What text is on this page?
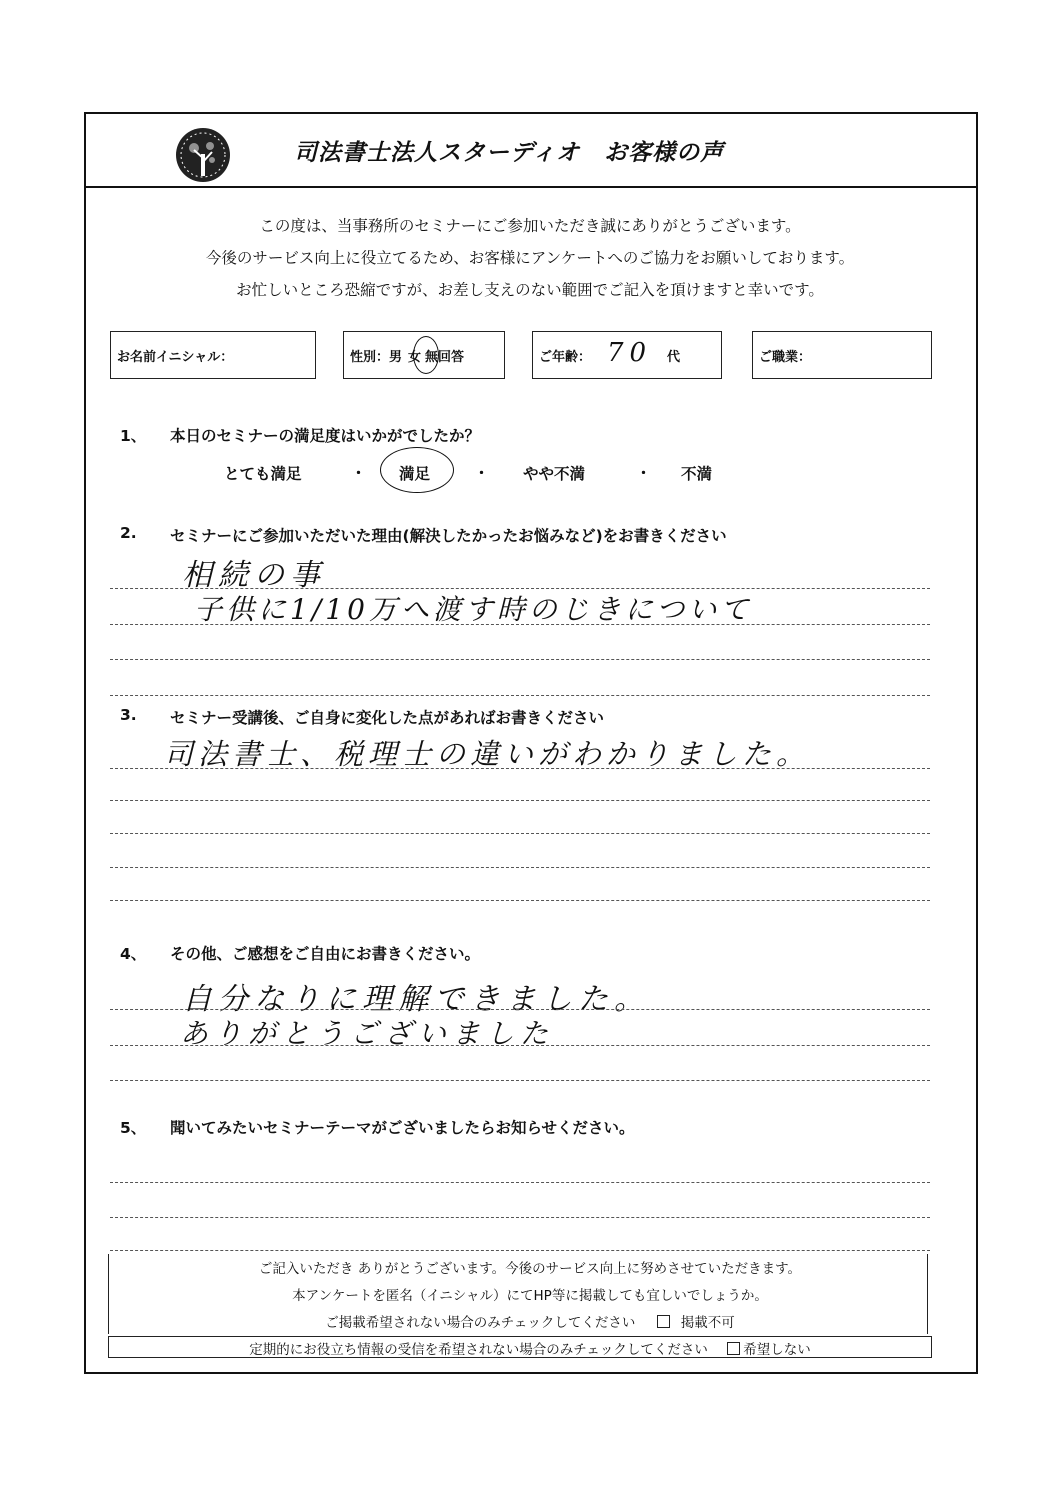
司法書士法人スターディオ　お客様の声

この度は、当事務所のセミナーにご参加いただき誠にありがとうございます。

今後のサービス向上に役立てるため、お客様にアンケートへのご協力をお願いしております。

お忙しいところ恐縮ですが、お差し支えのない範囲でご記入を頂けますと幸いです。

お名前イニシャル：	性別：男 女 無回答	ご年齢： 70 代	ご職業：
1、 本日のセミナーの満足度はいかがでしたか？
とても満足	・ 満足	・ やや不満	・ 不満
2. セミナーにご参加いただいた理由(解決したかったお悩みなど)をお書きください
相続の事
子供に1/10万へ渡す時のじきについて
3. セミナー受講後、ご自身に変化した点があればお書きください
司法書士、税理士の違いがわかりました。
4、 その他、ご感想をご自由にお書きください。
自分なりに理解できました。
ありがとうございました
5、 聞いてみたいセミナーテーマがございましたらお知らせください。
ご記入いただき ありがとうございます。今後のサービス向上に努めさせていただきます。
本アンケートを匿名（イニシャル）にてHP等に掲載しても宜しいでしょうか。
ご掲載希望されない場合のみチェックしてください	掲載不可
定期的にお役立ち情報の受信を希望されない場合のみチェックしてください	希望しない
